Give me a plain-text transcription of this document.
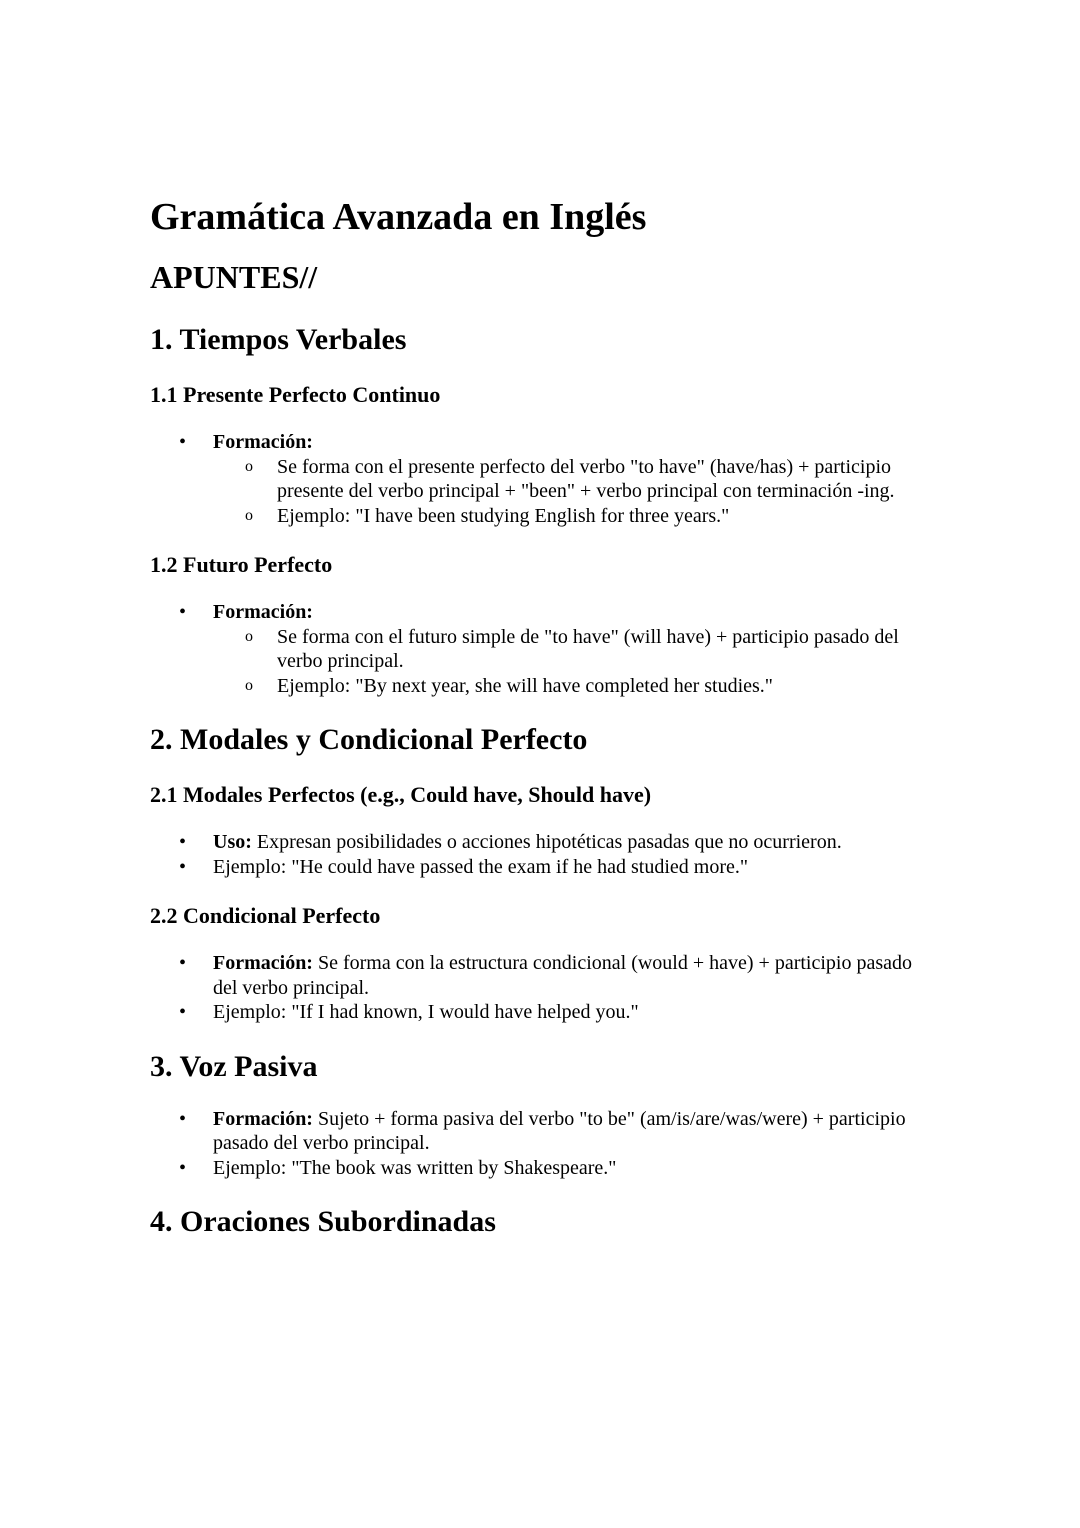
Gramática Avanzada en Inglés
APUNTES//
1. Tiempos Verbales
1.1 Presente Perfecto Continuo
• Formación:
o Se forma con el presente perfecto del verbo "to have" (have/has) + participio presente del verbo principal + "been" + verbo principal con terminación -ing.
o Ejemplo: "I have been studying English for three years."
1.2 Futuro Perfecto
• Formación:
o Se forma con el futuro simple de "to have" (will have) + participio pasado del verbo principal.
o Ejemplo: "By next year, she will have completed her studies."
2. Modales y Condicional Perfecto
2.1 Modales Perfectos (e.g., Could have, Should have)
• Uso: Expresan posibilidades o acciones hipotéticas pasadas que no ocurrieron.
• Ejemplo: "He could have passed the exam if he had studied more."
2.2 Condicional Perfecto
• Formación: Se forma con la estructura condicional (would + have) + participio pasado del verbo principal.
• Ejemplo: "If I had known, I would have helped you."
3. Voz Pasiva
• Formación: Sujeto + forma pasiva del verbo "to be" (am/is/are/was/were) + participio pasado del verbo principal.
• Ejemplo: "The book was written by Shakespeare."
4. Oraciones Subordinadas
